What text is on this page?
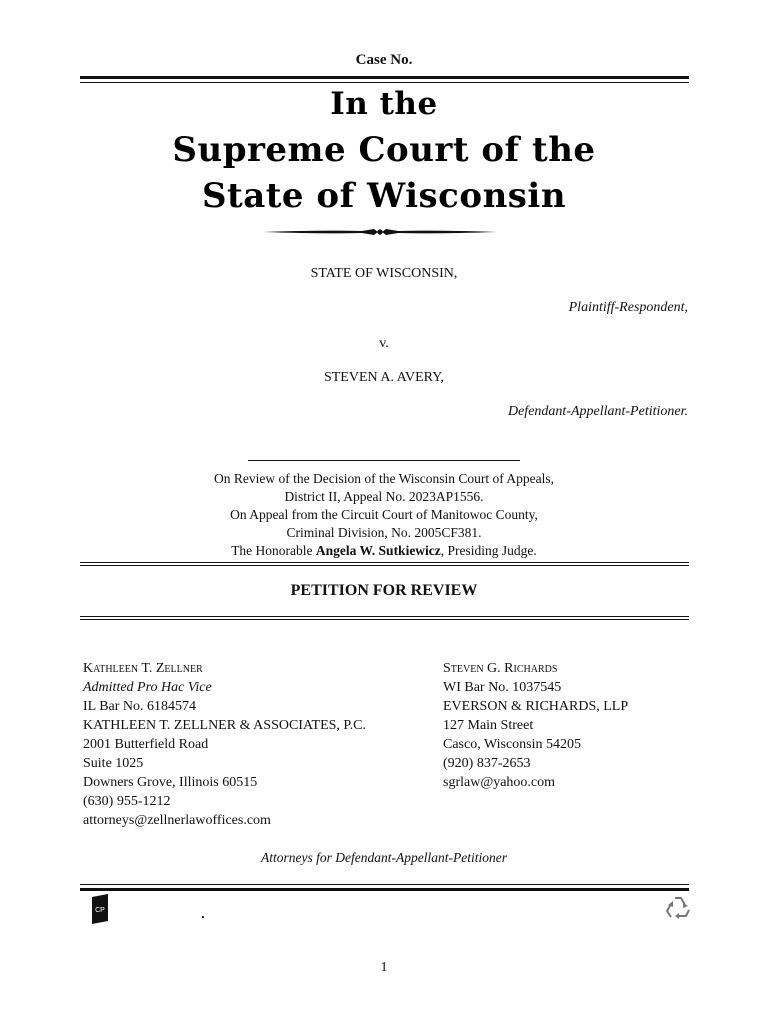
Case No.
In the
Supreme Court of the
State of Wisconsin
STATE OF WISCONSIN,
Plaintiff-Respondent,
v.
STEVEN A. AVERY,
Defendant-Appellant-Petitioner.
On Review of the Decision of the Wisconsin Court of Appeals,
District II, Appeal No. 2023AP1556.
On Appeal from the Circuit Court of Manitowoc County,
Criminal Division, No. 2005CF381.
The Honorable Angela W. Sutkiewicz, Presiding Judge.
PETITION FOR REVIEW
Kathleen T. Zellner
Admitted Pro Hac Vice
IL Bar No. 6184574
KATHLEEN T. ZELLNER & ASSOCIATES, P.C.
2001 Butterfield Road
Suite 1025
Downers Grove, Illinois 60515
(630) 955-1212
attorneys@zellnerlawoffices.com
Steven G. Richards
WI Bar No. 1037545
EVERSON & RICHARDS, LLP
127 Main Street
Casco, Wisconsin 54205
(920) 837-2653
sgrlaw@yahoo.com
Attorneys for Defendant-Appellant-Petitioner
CP
1
